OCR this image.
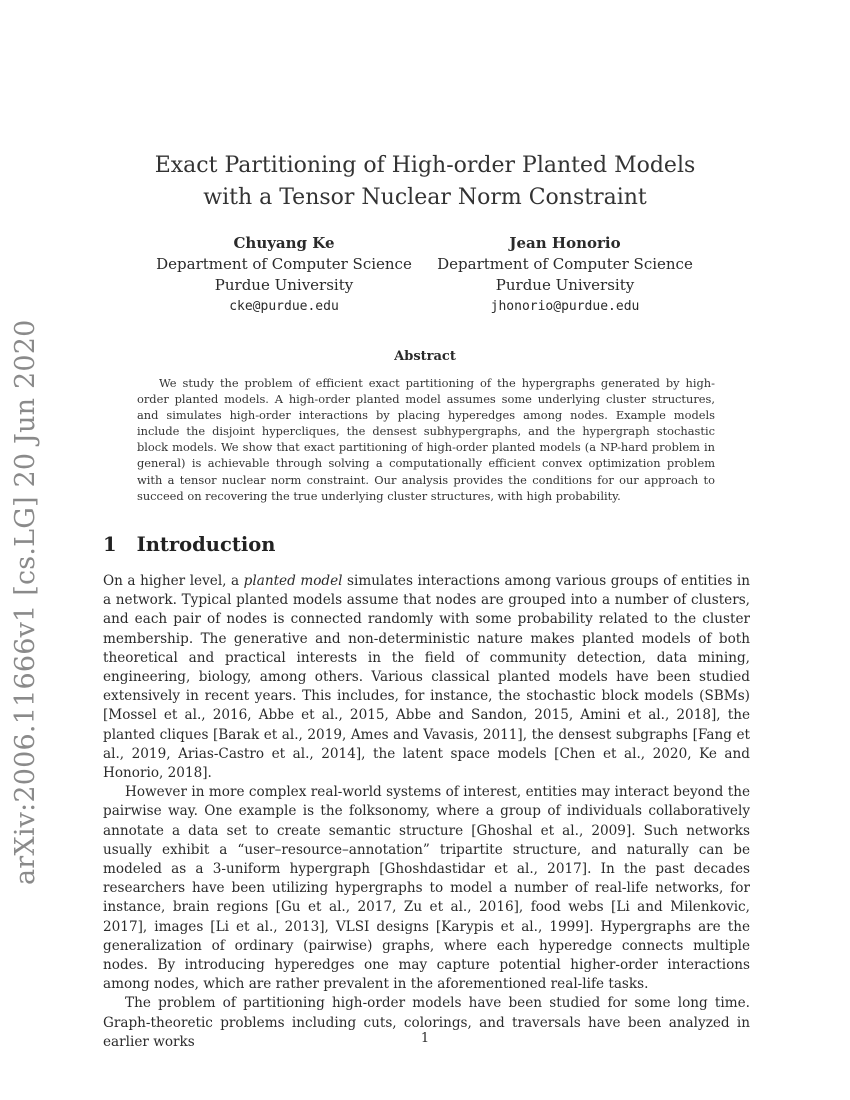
arXiv:2006.11666v1 [cs.LG] 20 Jun 2020
Exact Partitioning of High-order Planted Models
with a Tensor Nuclear Norm Constraint
Chuyang Ke
Department of Computer Science
Purdue University
cke@purdue.edu
Jean Honorio
Department of Computer Science
Purdue University
jhonorio@purdue.edu
Abstract
We study the problem of efficient exact partitioning of the hypergraphs generated by high-order planted models. A high-order planted model assumes some underlying cluster structures, and simulates high-order interactions by placing hyperedges among nodes. Example models include the disjoint hypercliques, the densest subhypergraphs, and the hypergraph stochastic block models. We show that exact partitioning of high-order planted models (a NP-hard problem in general) is achievable through solving a computationally efficient convex optimization problem with a tensor nuclear norm constraint. Our analysis provides the conditions for our approach to succeed on recovering the true underlying cluster structures, with high probability.
1 Introduction

On a higher level, a planted model simulates interactions among various groups of entities in a network. Typical planted models assume that nodes are grouped into a number of clusters, and each pair of nodes is connected randomly with some probability related to the cluster membership. The generative and non-deterministic nature makes planted models of both theoretical and practical interests in the field of community detection, data mining, engineering, biology, among others. Various classical planted models have been studied extensively in recent years. This includes, for instance, the stochastic block models (SBMs) [Mossel et al., 2016, Abbe et al., 2015, Abbe and Sandon, 2015, Amini et al., 2018], the planted cliques [Barak et al., 2019, Ames and Vavasis, 2011], the densest subgraphs [Fang et al., 2019, Arias-Castro et al., 2014], the latent space models [Chen et al., 2020, Ke and Honorio, 2018].

However in more complex real-world systems of interest, entities may interact beyond the pairwise way. One example is the folksonomy, where a group of individuals collaboratively annotate a data set to create semantic structure [Ghoshal et al., 2009]. Such networks usually exhibit a “user–resource–annotation” tripartite structure, and naturally can be modeled as a 3-uniform hypergraph [Ghoshdastidar et al., 2017]. In the past decades researchers have been utilizing hypergraphs to model a number of real-life networks, for instance, brain regions [Gu et al., 2017, Zu et al., 2016], food webs [Li and Milenkovic, 2017], images [Li et al., 2013], VLSI designs [Karypis et al., 1999]. Hypergraphs are the generalization of ordinary (pairwise) graphs, where each hyperedge connects multiple nodes. By introducing hyperedges one may capture potential higher-order interactions among nodes, which are rather prevalent in the aforementioned real-life tasks.

The problem of partitioning high-order models have been studied for some long time. Graph-theoretic problems including cuts, colorings, and traversals have been analyzed in earlier works	1
